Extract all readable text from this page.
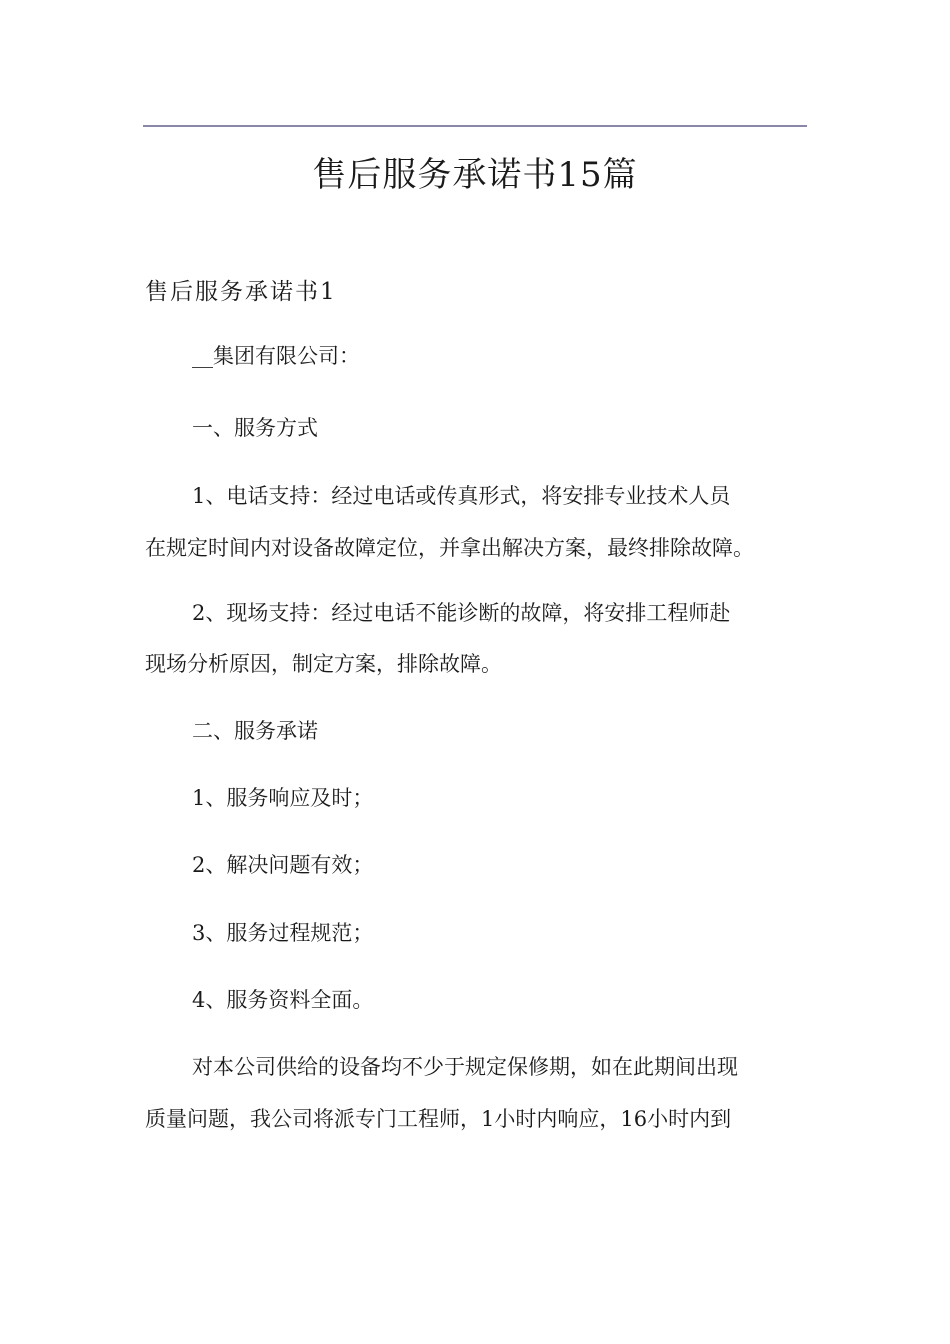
售后服务承诺书15篇
售后服务承诺书1
__集团有限公司：
一、服务方式
1、电话支持：经过电话或传真形式，将安排专业技术人员
在规定时间内对设备故障定位，并拿出解决方案，最终排除故障。
2、现场支持：经过电话不能诊断的故障，将安排工程师赴
现场分析原因，制定方案，排除故障。
二、服务承诺
1、服务响应及时；
2、解决问题有效；
3、服务过程规范；
4、服务资料全面。
对本公司供给的设备均不少于规定保修期，如在此期间出现
质量问题，我公司将派专门工程师，1小时内响应，16小时内到
